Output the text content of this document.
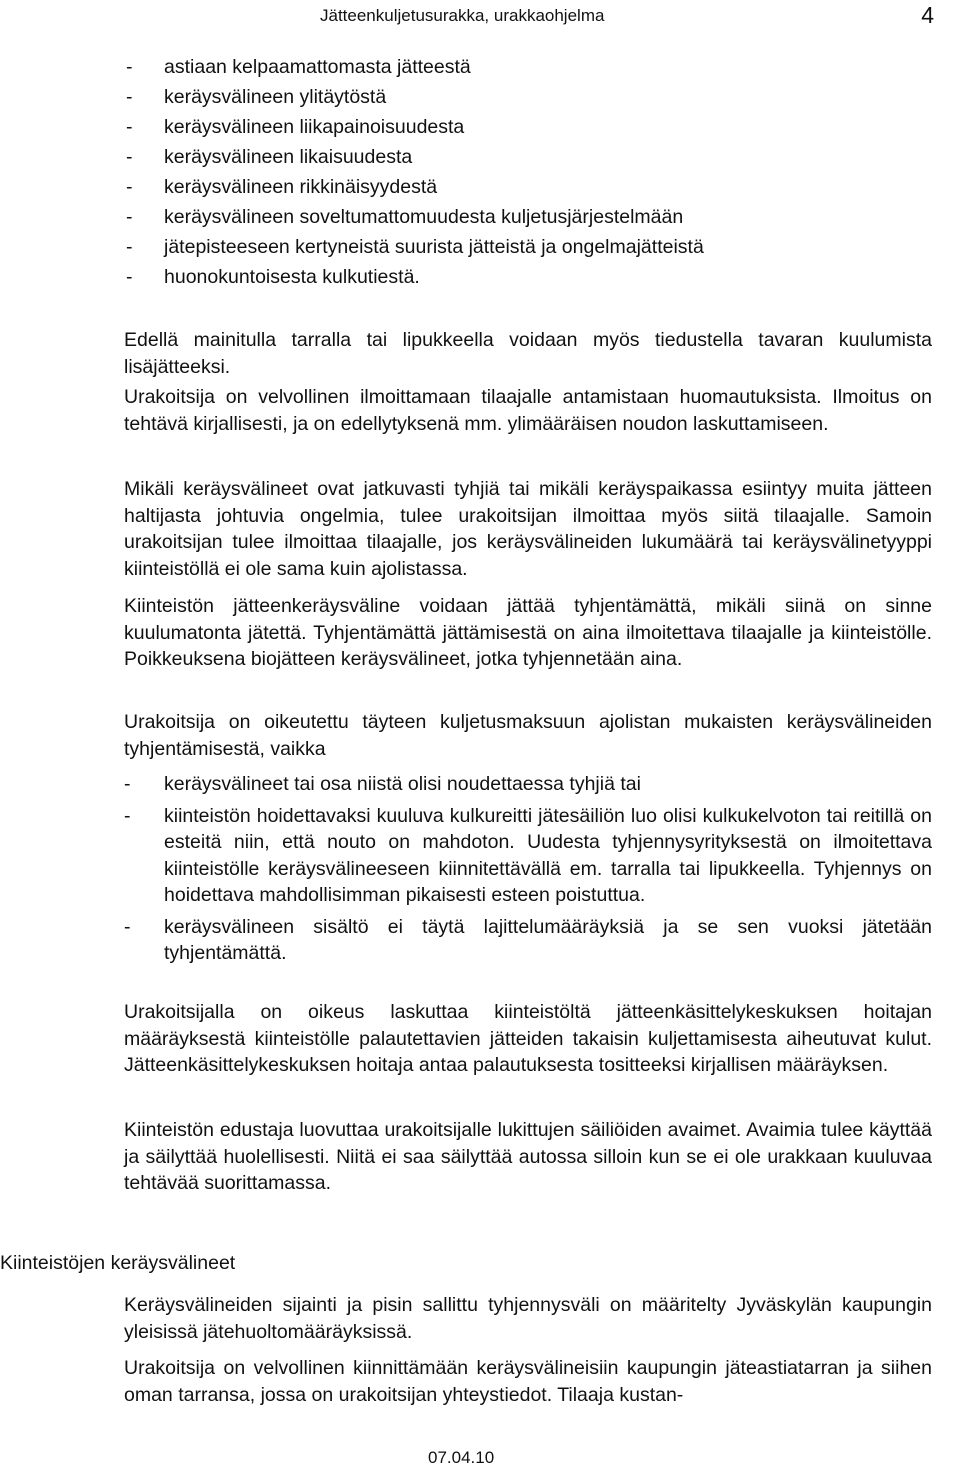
Jätteenkuljetusurakka, urakkaohjelma	4
- astiaan kelpaamattomasta jätteestä
- keräysvälineen ylitäytöstä
- keräysvälineen liikapainoisuudesta
- keräysvälineen likaisuudesta
- keräysvälineen rikkinäisyydestä
- keräysvälineen soveltumattomuudesta kuljetusjärjestelmään
- jätepisteeseen kertyneistä suurista jätteistä ja ongelmajätteistä
- huonokuntoisesta kulkutiestä.

Edellä mainitulla tarralla tai lipukkeella voidaan myös tiedustella tavaran kuulumista lisäjätteeksi.

Urakoitsija on velvollinen ilmoittamaan tilaajalle antamistaan huomautuksista. Ilmoitus on tehtävä kirjallisesti, ja on edellytyksenä mm. ylimääräisen noudon laskuttamiseen.

Mikäli keräysvälineet ovat jatkuvasti tyhjiä tai mikäli keräyspaikassa esiintyy muita jätteen haltijasta johtuvia ongelmia, tulee urakoitsijan ilmoittaa myös siitä tilaajalle. Samoin urakoitsijan tulee ilmoittaa tilaajalle, jos keräysvälineiden lukumäärä tai keräysvälinetyyppi kiinteistöllä ei ole sama kuin ajolistassa.

Kiinteistön jätteenkeräysväline voidaan jättää tyhjentämättä, mikäli siinä on sinne kuulumatonta jätettä. Tyhjentämättä jättämisestä on aina ilmoitettava tilaajalle ja kiinteistölle. Poikkeuksena biojätteen keräysvälineet, jotka tyhjennetään aina.

Urakoitsija on oikeutettu täyteen kuljetusmaksuun ajolistan mukaisten keräysvälineiden tyhjentämisestä, vaikka

- keräysvälineet tai osa niistä olisi noudettaessa tyhjiä tai
- kiinteistön hoidettavaksi kuuluva kulkureitti jätesäiliön luo olisi kulkukelvoton tai reitillä on esteitä niin, että nouto on mahdoton. Uudesta tyhjennysyrityksestä on ilmoitettava kiinteistölle keräysvälineeseen kiinnitettävällä em. tarralla tai lipukkeella. Tyhjennys on hoidettava mahdollisimman pikaisesti esteen poistuttua.
- keräysvälineen sisältö ei täytä lajittelumääräyksiä ja se sen vuoksi jätetään tyhjentämättä.

Urakoitsijalla on oikeus laskuttaa kiinteistöltä jätteenkäsittelykeskuksen hoitajan määräyksestä kiinteistölle palautettavien jätteiden takaisin kuljettamisesta aiheutuvat kulut. Jätteenkäsittelykeskuksen hoitaja antaa palautuksesta tositteeksi kirjallisen määräyksen.

Kiinteistön edustaja luovuttaa urakoitsijalle lukittujen säiliöiden avaimet. Avaimia tulee käyttää ja säilyttää huolellisesti. Niitä ei saa säilyttää autossa silloin kun se ei ole urakkaan kuuluvaa tehtävää suorittamassa.

Kiinteistöjen keräysvälineet

Keräysvälineiden sijainti ja pisin sallittu tyhjennysväli on määritelty Jyväskylän kaupungin yleisissä jätehuoltomääräyksissä.

Urakoitsija on velvollinen kiinnittämään keräysvälineisiin kaupungin jäteastiatarran ja siihen oman tarransa, jossa on urakoitsijan yhteystiedot. Tilaaja kustan-

07.04.10
